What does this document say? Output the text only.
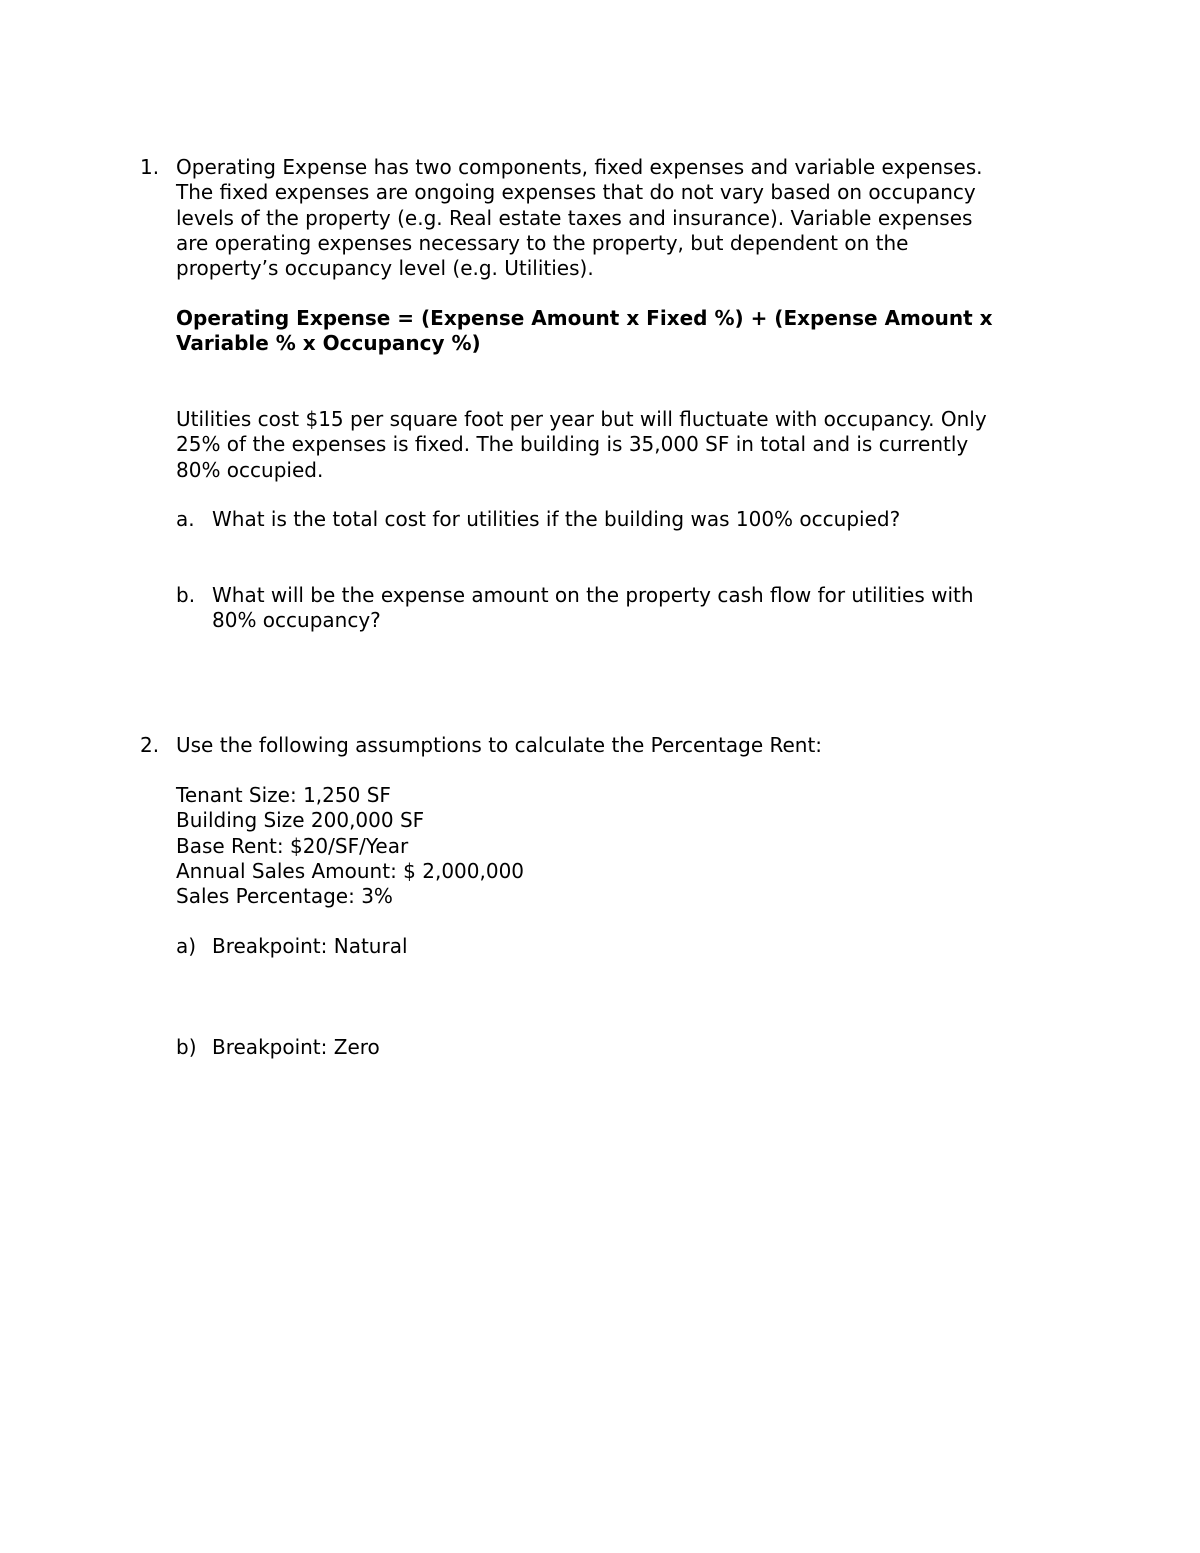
1. Operating Expense has two components, fixed expenses and variable expenses.
The fixed expenses are ongoing expenses that do not vary based on occupancy
levels of the property (e.g. Real estate taxes and insurance). Variable expenses
are operating expenses necessary to the property, but dependent on the
property’s occupancy level (e.g. Utilities).
Operating Expense = (Expense Amount x Fixed %) + (Expense Amount x
Variable % x Occupancy %)
Utilities cost $15 per square foot per year but will fluctuate with occupancy. Only
25% of the expenses is fixed. The building is 35,000 SF in total and is currently
80% occupied.
a. What is the total cost for utilities if the building was 100% occupied?
b. What will be the expense amount on the property cash flow for utilities with
80% occupancy?
2. Use the following assumptions to calculate the Percentage Rent:
Tenant Size: 1,250 SF
Building Size 200,000 SF
Base Rent: $20/SF/Year
Annual Sales Amount: $ 2,000,000
Sales Percentage: 3%
a) Breakpoint: Natural
b) Breakpoint: Zero
